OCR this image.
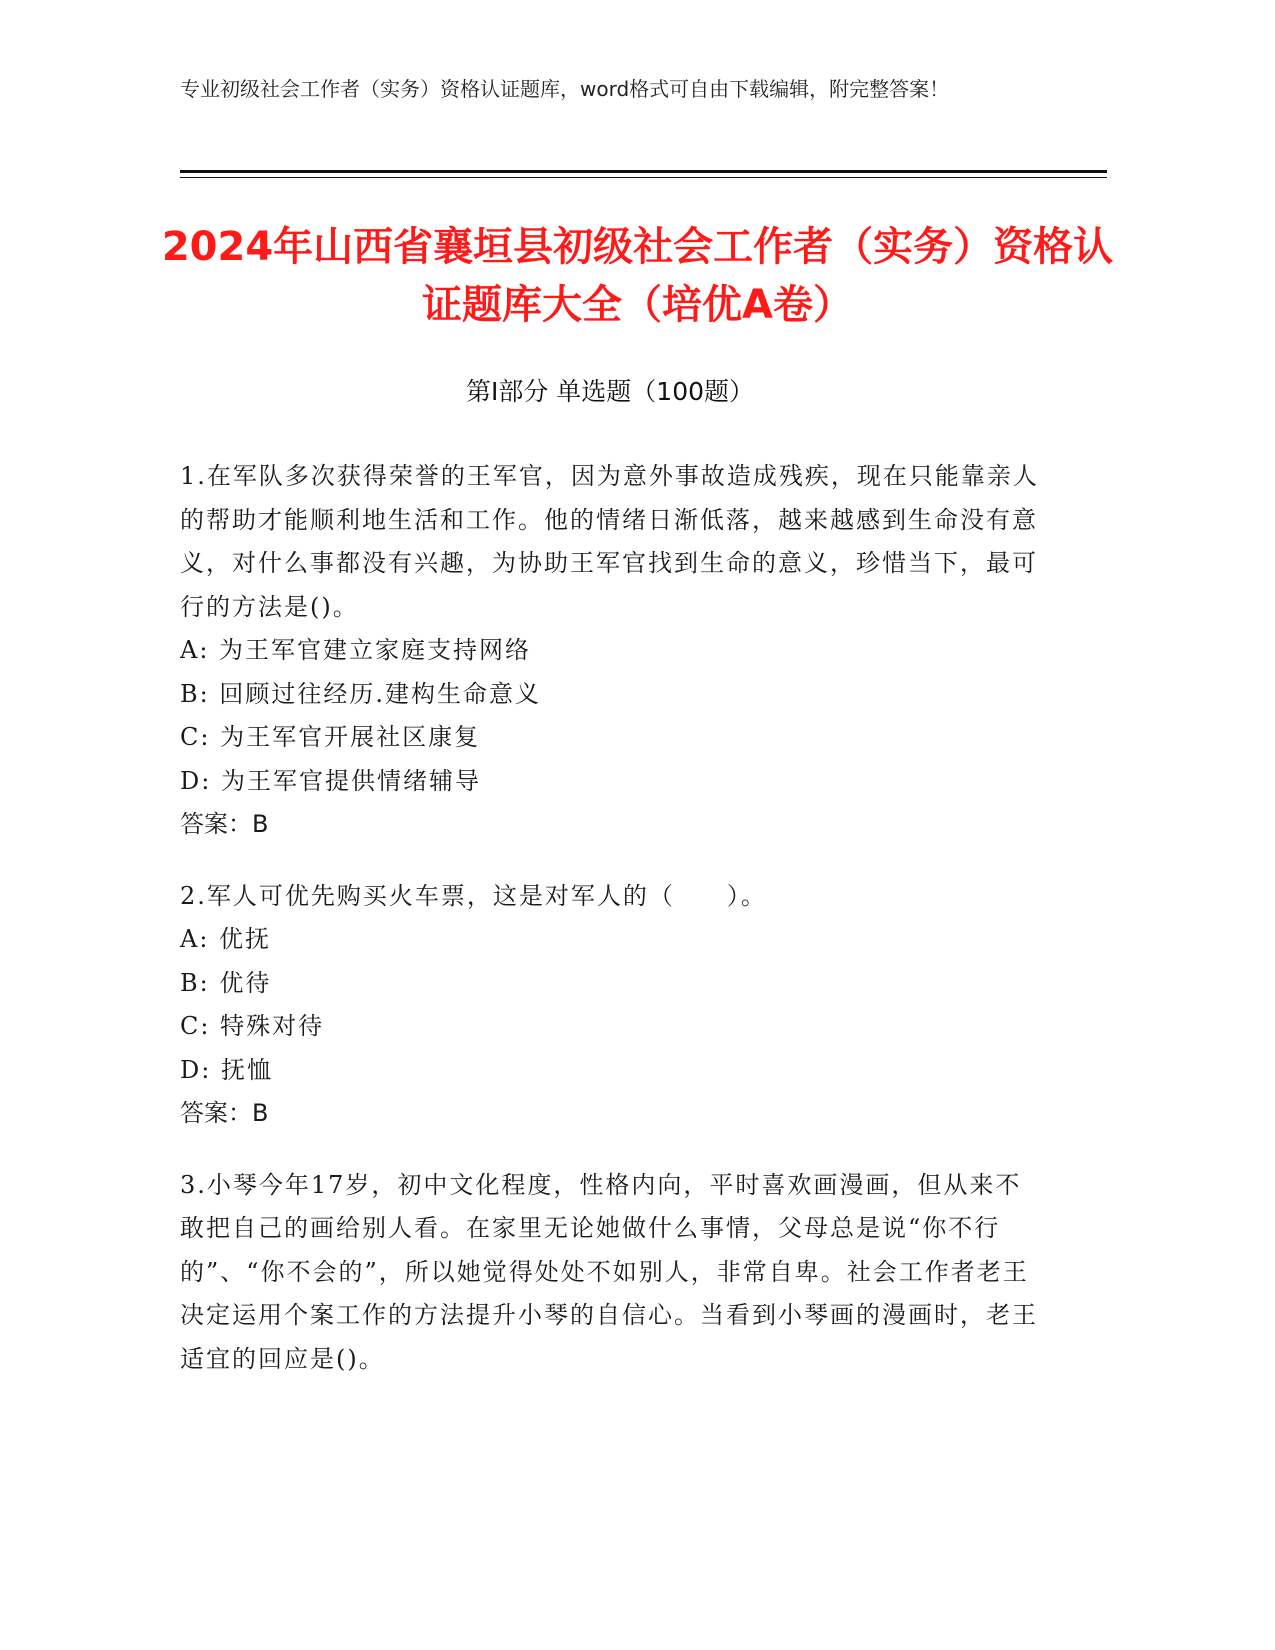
专业初级社会工作者（实务）资格认证题库，word格式可自由下载编辑，附完整答案！
2024年山西省襄垣县初级社会工作者（实务）资格认证题库大全（培优A卷）
第Ⅰ部分 单选题（100题）
1.在军队多次获得荣誉的王军官，因为意外事故造成残疾，现在只能靠亲人的帮助才能顺利地生活和工作。他的情绪日渐低落，越来越感到生命没有意义，对什么事都没有兴趣，为协助王军官找到生命的意义，珍惜当下，最可行的方法是()。
A: 为王军官建立家庭支持网络
B: 回顾过往经历.建构生命意义
C: 为王军官开展社区康复
D: 为王军官提供情绪辅导
答案：B
2.军人可优先购买火车票，这是对军人的（　　）。
A: 优抚
B: 优待
C: 特殊对待
D: 抚恤
答案：B
3.小琴今年17岁，初中文化程度，性格内向，平时喜欢画漫画，但从来不敢把自己的画给别人看。在家里无论她做什么事情，父母总是说“你不行的”、“你不会的”，所以她觉得处处不如别人，非常自卑。社会工作者老王决定运用个案工作的方法提升小琴的自信心。当看到小琴画的漫画时，老王适宜的回应是()。
